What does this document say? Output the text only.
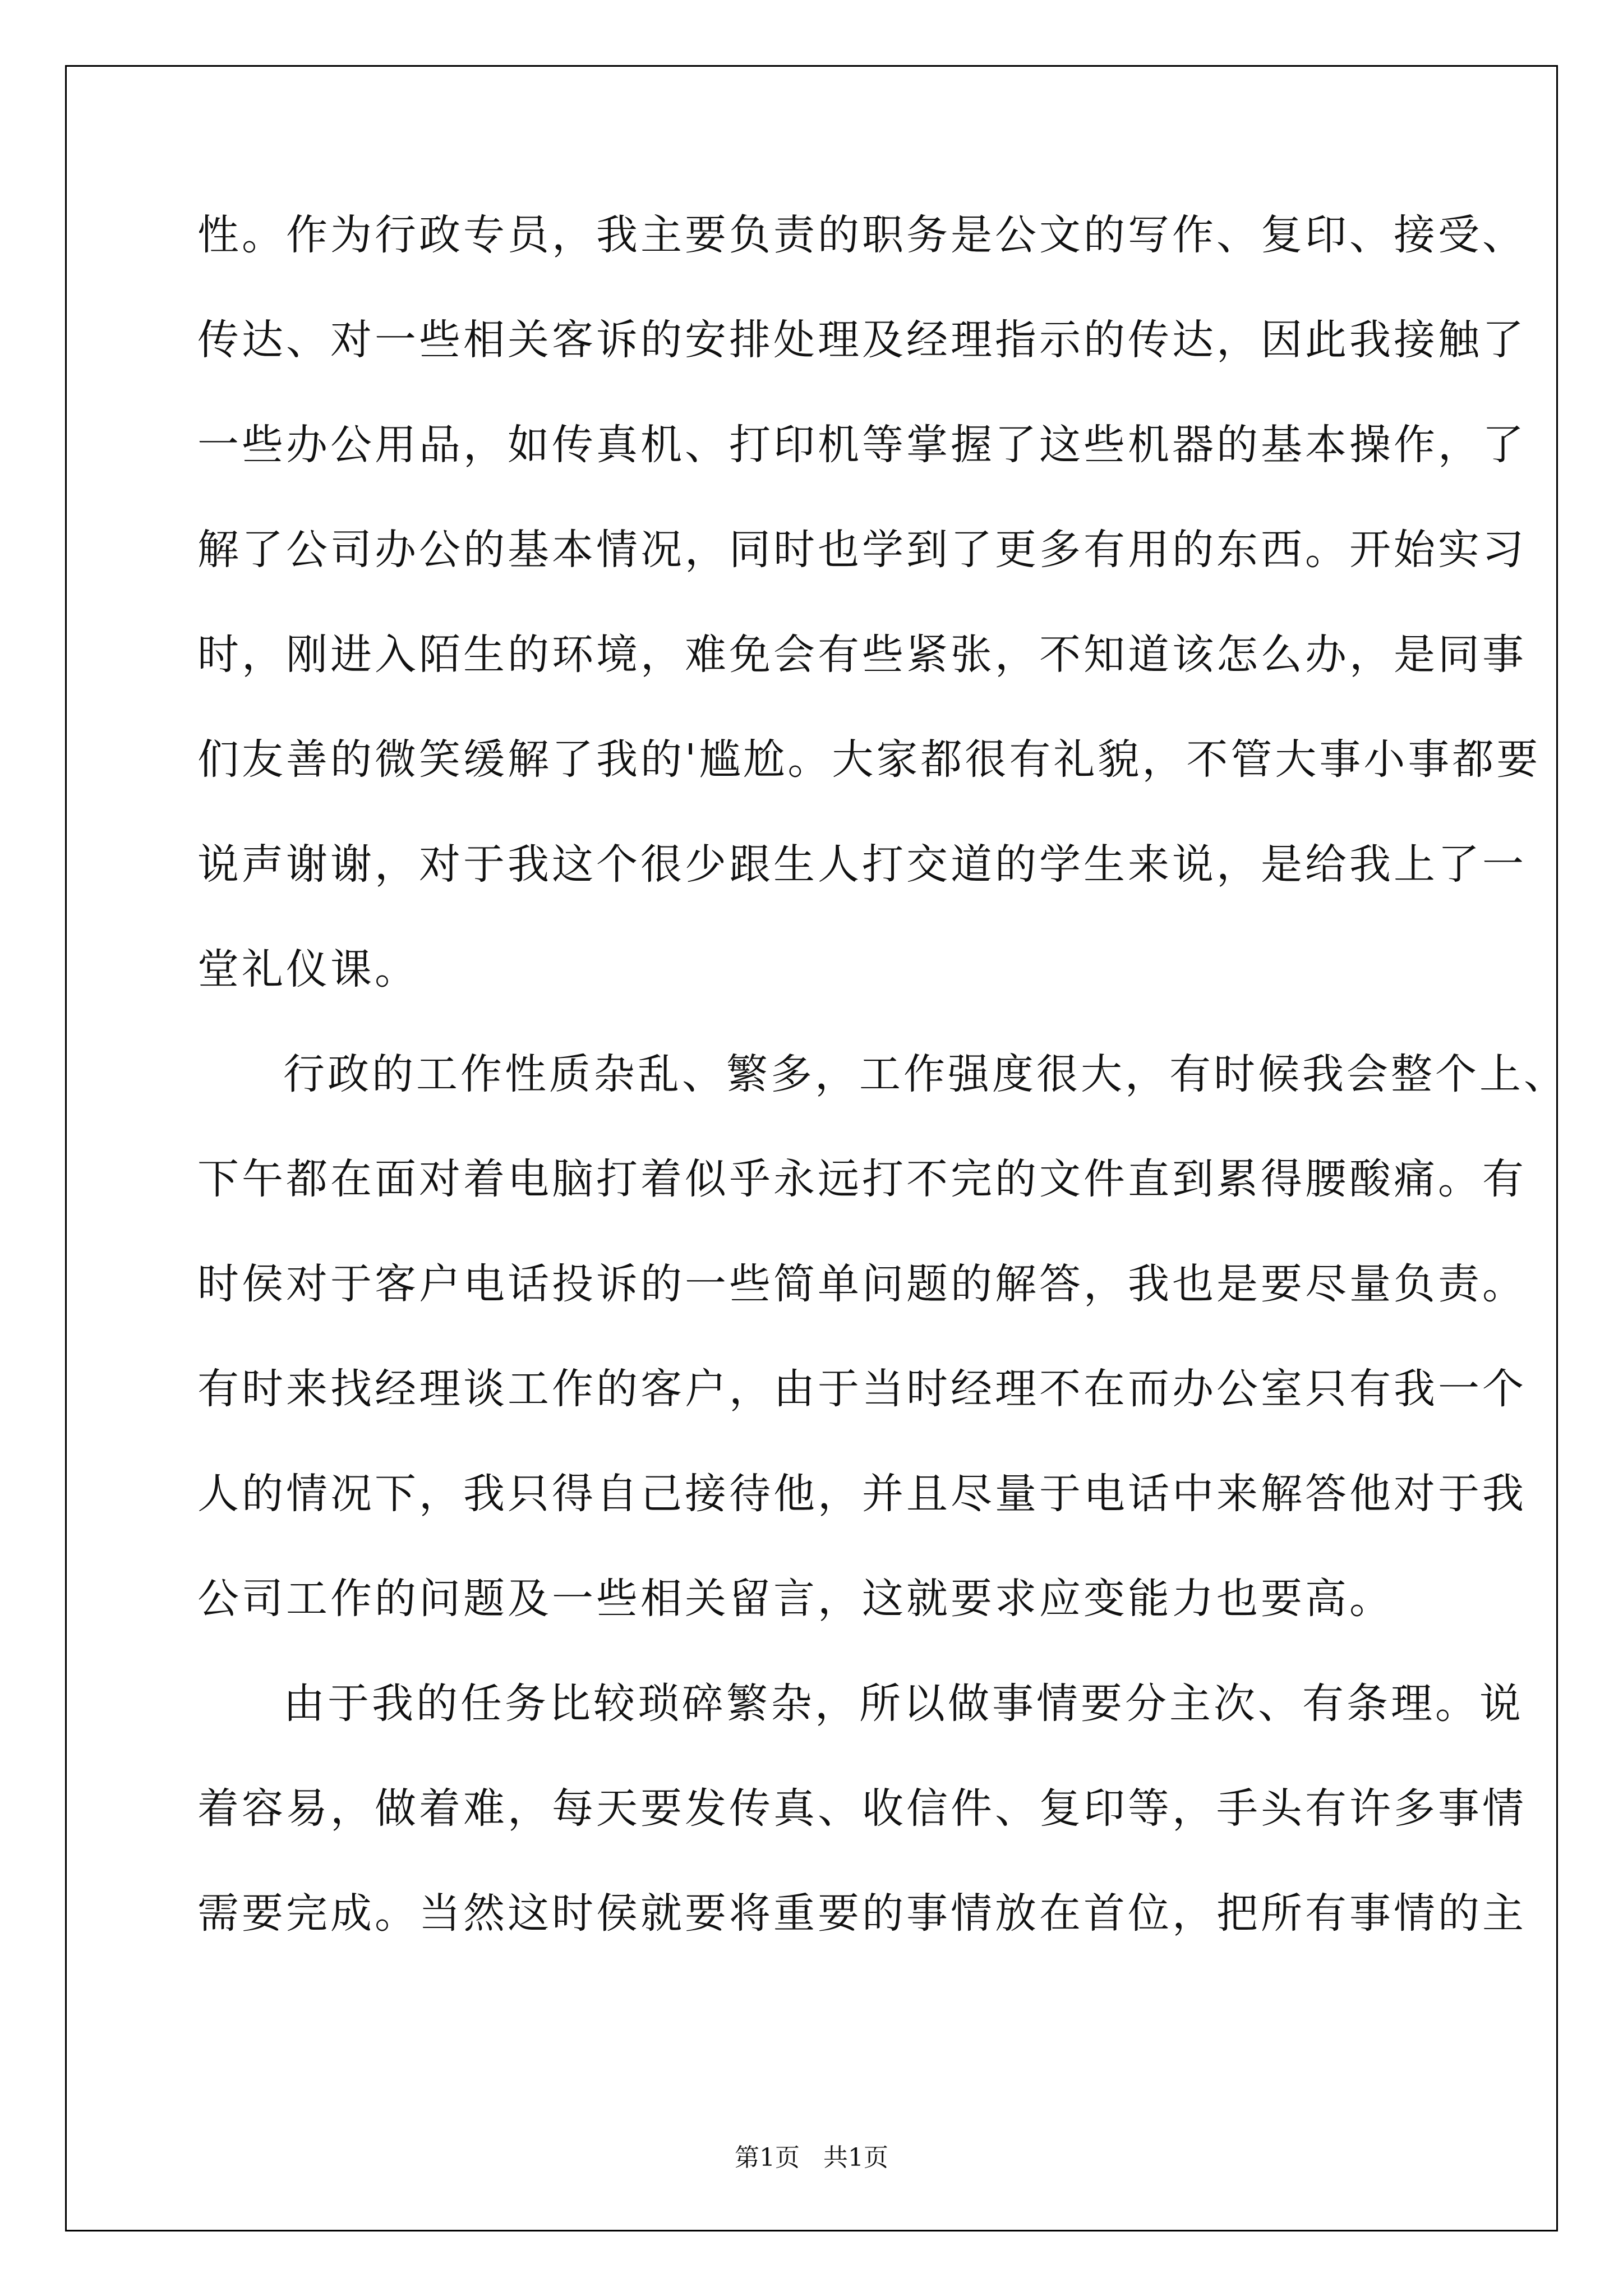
性。作为行政专员，我主要负责的职务是公文的写作、复印、接受、
传达、对一些相关客诉的安排处理及经理指示的传达，因此我接触了
一些办公用品，如传真机、打印机等掌握了这些机器的基本操作，了
解了公司办公的基本情况，同时也学到了更多有用的东西。开始实习
时，刚进入陌生的环境，难免会有些紧张，不知道该怎么办，是同事
们友善的微笑缓解了我的'尴尬。大家都很有礼貌，不管大事小事都要
说声谢谢，对于我这个很少跟生人打交道的学生来说，是给我上了一
堂礼仪课。
行政的工作性质杂乱、繁多，工作强度很大，有时候我会整个上、
下午都在面对着电脑打着似乎永远打不完的文件直到累得腰酸痛。有
时侯对于客户电话投诉的一些简单问题的解答，我也是要尽量负责。
有时来找经理谈工作的客户，由于当时经理不在而办公室只有我一个
人的情况下，我只得自己接待他，并且尽量于电话中来解答他对于我
公司工作的问题及一些相关留言，这就要求应变能力也要高。
由于我的任务比较琐碎繁杂，所以做事情要分主次、有条理。说
着容易，做着难，每天要发传真、收信件、复印等，手头有许多事情
需要完成。当然这时侯就要将重要的事情放在首位，把所有事情的主
第1页   共1页
